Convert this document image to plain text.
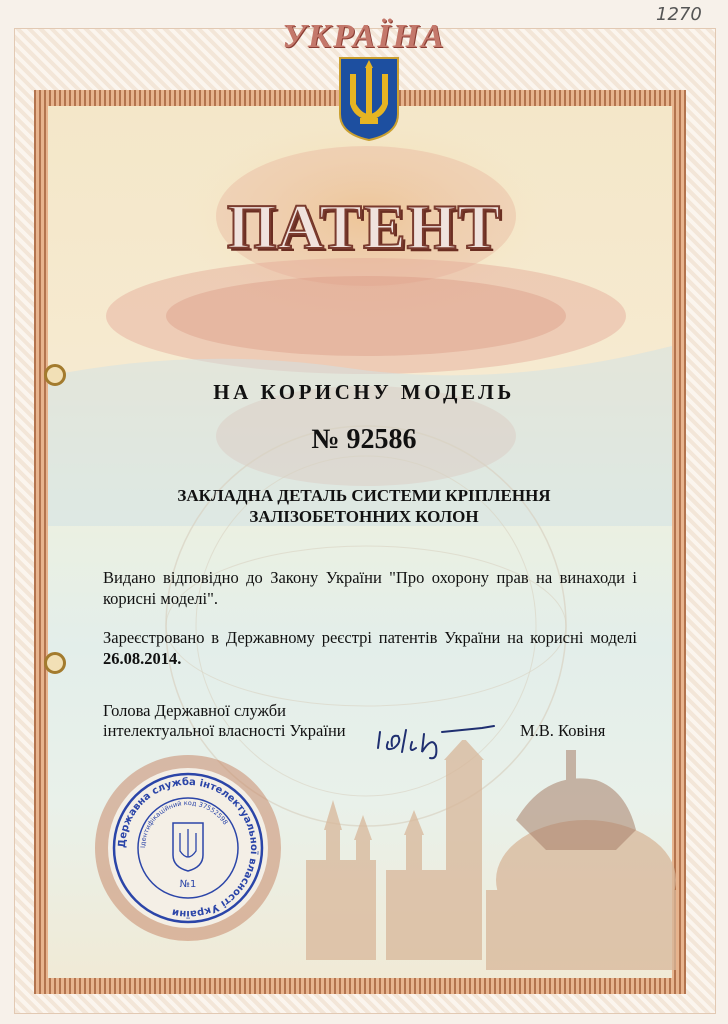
1270
УКРАЇНА
ПАТЕНТ
НА КОРИСНУ МОДЕЛЬ
№ 92586
ЗАКЛАДНА ДЕТАЛЬ СИСТЕМИ КРІПЛЕННЯ
ЗАЛІЗОБЕТОННИХ КОЛОН
Видано відповідно до Закону України "Про охорону прав на винаходи і корисні моделі".
Зареєстровано в Державному реєстрі патентів України на корисні моделі 26.08.2014.
Голова Державної служби
інтелектуальної власності України	М.В. Ковіня
Державна служба інтелектуальної власності України
Ідентифікаційний код 37552598
№1
